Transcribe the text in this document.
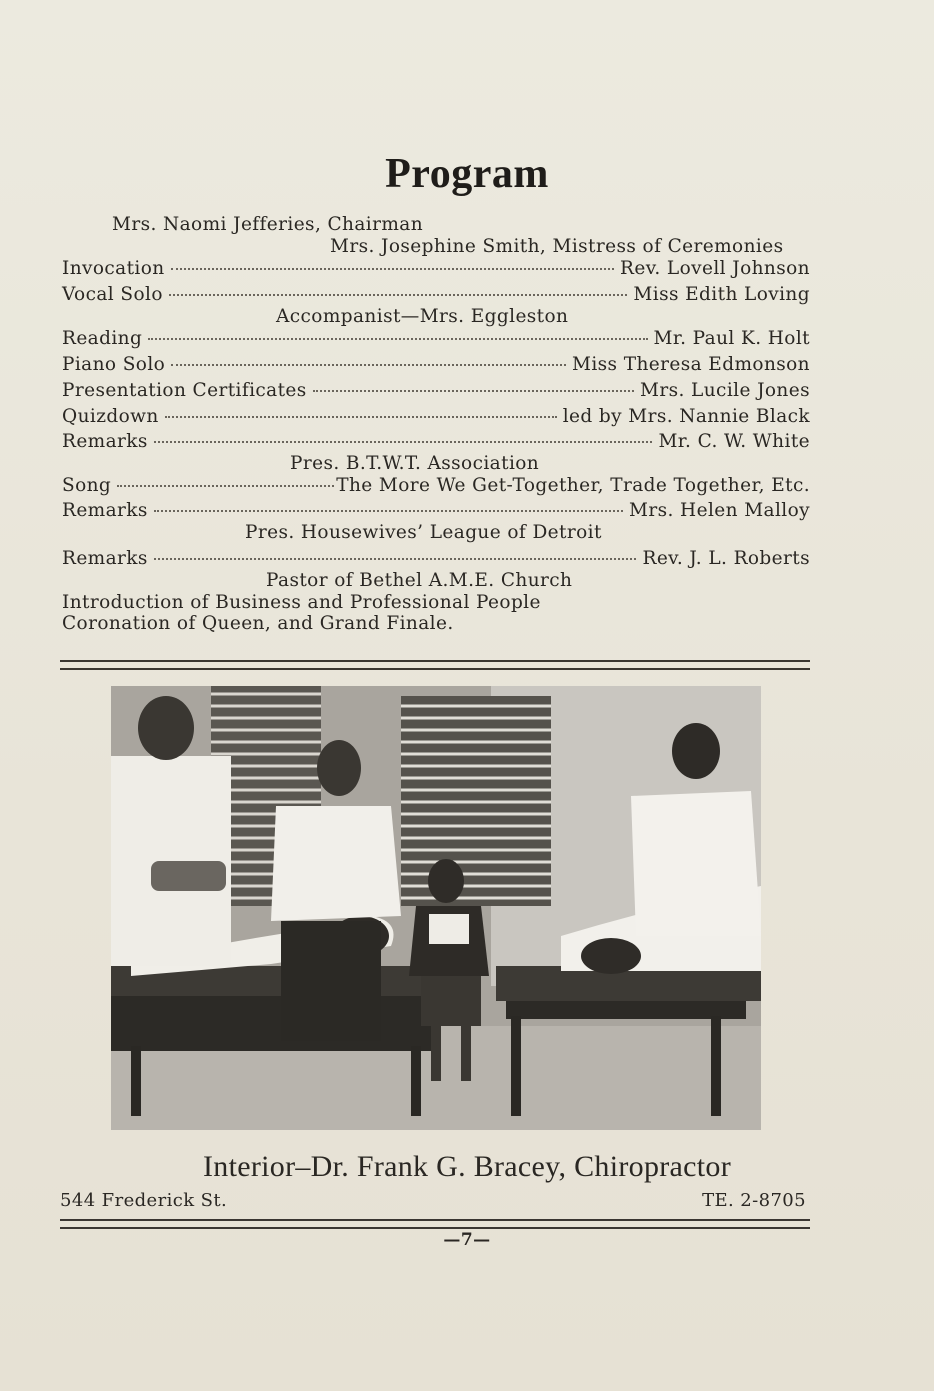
Program
Mrs. Naomi Jefferies, Chairman
Mrs. Josephine Smith, Mistress of Ceremonies
Invocation	Rev. Lovell Johnson
Vocal Solo	Miss Edith Loving
Accompanist—Mrs. Eggleston
Reading	Mr. Paul K. Holt
Piano Solo	Miss Theresa Edmonson
Presentation Certificates	Mrs. Lucile Jones
Quizdown	led by Mrs. Nannie Black
Remarks	Mr. C. W. White
Pres. B.T.W.T. Association
Song	The More We Get-Together, Trade Together, Etc.
Remarks	Mrs. Helen Malloy
Pres. Housewives’ League of Detroit
Remarks	Rev. J. L. Roberts
Pastor of Bethel A.M.E. Church
Introduction of Business and Professional People
Coronation of Queen, and Grand Finale.
Interior–Dr. Frank G. Bracey, Chiropractor
544 Frederick St.	TE. 2-8705
—7—
